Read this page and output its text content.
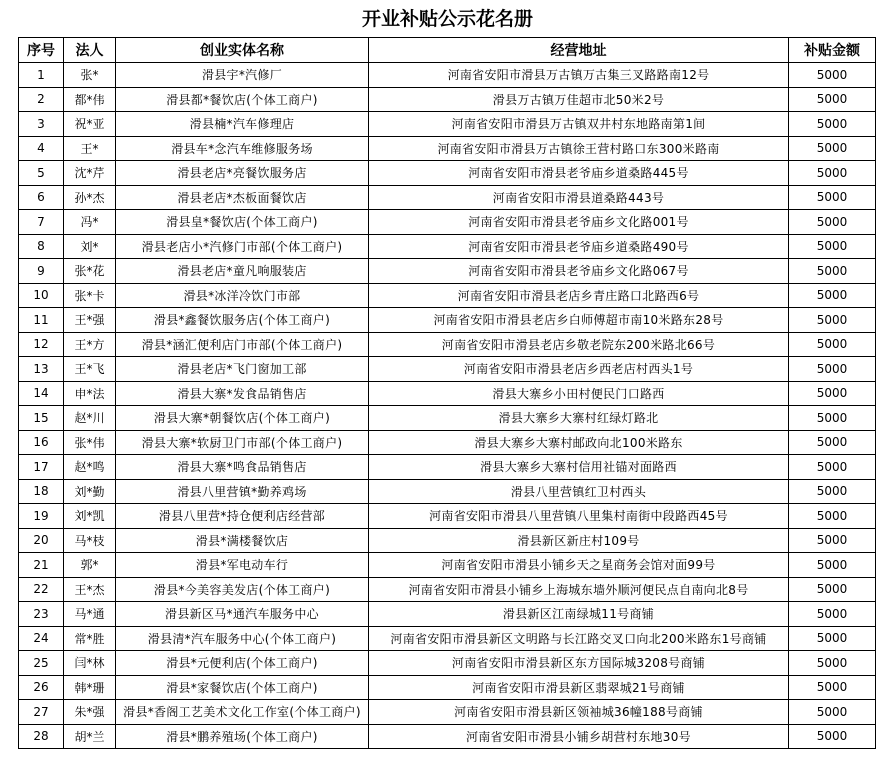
开业补贴公示花名册
序号	法人	创业实体名称	经营地址	补贴金额
1	张*	滑县宇*汽修厂	河南省安阳市滑县万古镇万古集三叉路路南12号	5000
2	都*伟	滑县都*餐饮店(个体工商户)	滑县万古镇万佳超市北50米2号	5000
3	祝*亚	滑县楠*汽车修理店	河南省安阳市滑县万古镇双井村东地路南第1间	5000
4	王*	滑县车*念汽车维修服务场	河南省安阳市滑县万古镇徐王营村路口东300米路南	5000
5	沈*芹	滑县老店*亮餐饮服务店	河南省安阳市滑县老爷庙乡道桑路445号	5000
6	孙*杰	滑县老店*杰板面餐饮店	河南省安阳市滑县道桑路443号	5000
7	冯*	滑县皇*餐饮店(个体工商户)	河南省安阳市滑县老爷庙乡文化路001号	5000
8	刘*	滑县老店小*汽修门市部(个体工商户)	河南省安阳市滑县老爷庙乡道桑路490号	5000
9	张*花	滑县老店*童凡响服装店	河南省安阳市滑县老爷庙乡文化路067号	5000
10	张*卡	滑县*冰洋冷饮门市部	河南省安阳市滑县老店乡青庄路口北路西6号	5000
11	王*强	滑县*鑫餐饮服务店(个体工商户)	河南省安阳市滑县老店乡白师傅超市南10米路东28号	5000
12	王*方	滑县*涵汇便利店门市部(个体工商户)	河南省安阳市滑县老店乡敬老院东200米路北66号	5000
13	王*飞	滑县老店*飞门窗加工部	河南省安阳市滑县老店乡西老店村西头1号	5000
14	申*法	滑县大寨*发食品销售店	滑县大寨乡小田村便民门口路西	5000
15	赵*川	滑县大寨*朝餐饮店(个体工商户)	滑县大寨乡大寨村红绿灯路北	5000
16	张*伟	滑县大寨*软厨卫门市部(个体工商户)	滑县大寨乡大寨村邮政向北100米路东	5000
17	赵*鸣	滑县大寨*鸣食品销售店	滑县大寨乡大寨村信用社锚对面路西	5000
18	刘*勤	滑县八里营镇*勤养鸡场	滑县八里营镇红卫村西头	5000
19	刘*凯	滑县八里营*持仓便利店经营部	河南省安阳市滑县八里营镇八里集村南街中段路西45号	5000
20	马*枝	滑县*满楼餐饮店	滑县新区新庄村109号	5000
21	郭*	滑县*军电动车行	河南省安阳市滑县小铺乡天之星商务会馆对面99号	5000
22	王*杰	滑县*今美容美发店(个体工商户)	河南省安阳市滑县小铺乡上海城东墙外顺河便民点自南向北8号	5000
23	马*通	滑县新区马*通汽车服务中心	滑县新区江南绿城11号商铺	5000
24	常*胜	滑县清*汽车服务中心(个体工商户)	河南省安阳市滑县新区文明路与长江路交叉口向北200米路东1号商铺	5000
25	闫*林	滑县*元便利店(个体工商户)	河南省安阳市滑县新区东方国际城3208号商铺	5000
26	韩*珊	滑县*家餐饮店(个体工商户)	河南省安阳市滑县新区翡翠城21号商铺	5000
27	朱*强	滑县*香阁工艺美术文化工作室(个体工商户)	河南省安阳市滑县新区领袖城36幢188号商铺	5000
28	胡*兰	滑县*鹏养殖场(个体工商户)	河南省安阳市滑县小铺乡胡营村东地30号	5000
